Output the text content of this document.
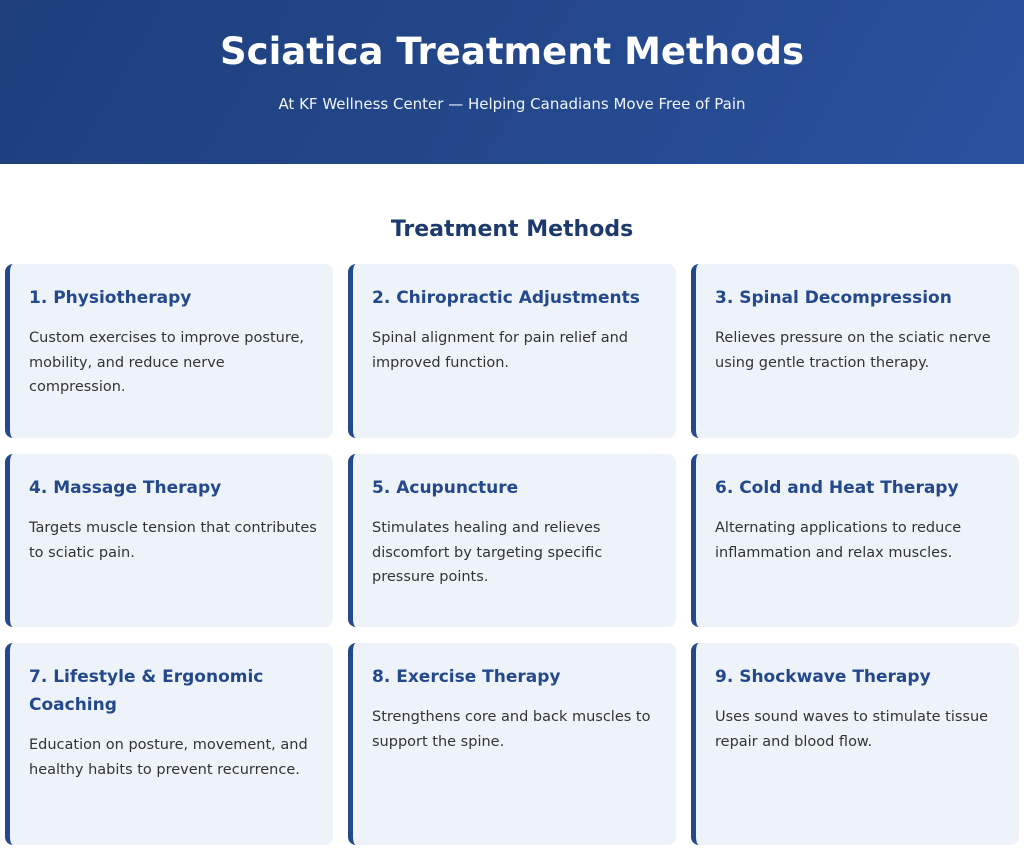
Sciatica Treatment Methods

At KF Wellness Center — Helping Canadians Move Free of Pain

Treatment Methods
1. Physiotherapy

Custom exercises to improve posture, mobility, and reduce nerve compression.

2. Chiropractic Adjustments

Spinal alignment for pain relief and improved function.

3. Spinal Decompression

Relieves pressure on the sciatic nerve using gentle traction therapy.

4. Massage Therapy

Targets muscle tension that contributes to sciatic pain.

5. Acupuncture

Stimulates healing and relieves discomfort by targeting specific pressure points.

6. Cold and Heat Therapy

Alternating applications to reduce inflammation and relax muscles.

7. Lifestyle & Ergonomic Coaching

Education on posture, movement, and healthy habits to prevent recurrence.

8. Exercise Therapy

Strengthens core and back muscles to support the spine.

9. Shockwave Therapy

Uses sound waves to stimulate tissue repair and blood flow.
